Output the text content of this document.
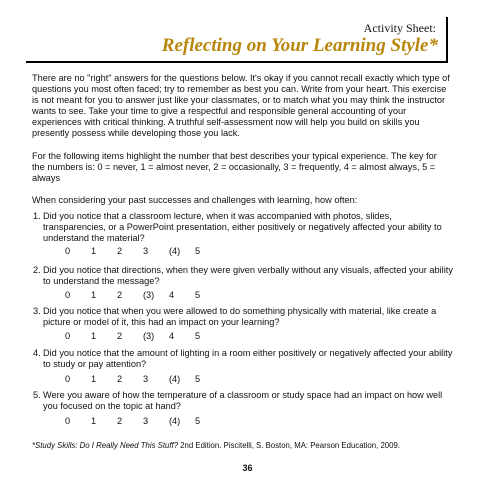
Activity Sheet:
Reflecting on Your Learning Style*
There are no "right" answers for the questions below. It's okay if you cannot recall exactly which type of questions you most often faced; try to remember as best you can. Write from your heart. This exercise is not meant for you to answer just like your classmates, or to match what you may think the instructor wants to see. Take your time to give a respectful and responsible general accounting of your experiences with critical thinking. A truthful self-assessment now will help you build on skills you presently possess while developing those you lack.
For the following items highlight the number that best describes your typical experience. The key for the numbers is: 0 = never, 1 = almost never, 2 = occasionally, 3 = frequently, 4 = almost always, 5 = always
When considering your past successes and challenges with learning, how often:
1. Did you notice that a classroom lecture, when it was accompanied with photos, slides, transparencies, or a PowerPoint presentation, either positively or negatively affected your ability to understand the material?
0 1 2 3 (4) 5
2. Did you notice that directions, when they were given verbally without any visuals, affected your ability to understand the message?
0 1 2 (3) 4 5
3. Did you notice that when you were allowed to do something physically with material, like create a picture or model of it, this had an impact on your learning?
0 1 2 (3) 4 5
4. Did you notice that the amount of lighting in a room either positively or negatively affected your ability to study or pay attention?
0 1 2 3 (4) 5
5. Were you aware of how the temperature of a classroom or study space had an impact on how well you focused on the topic at hand?
0 1 2 3 (4) 5
*Study Skills: Do I Really Need This Stuff? 2nd Edition. Piscitelli, S. Boston, MA: Pearson Education, 2009.
36
